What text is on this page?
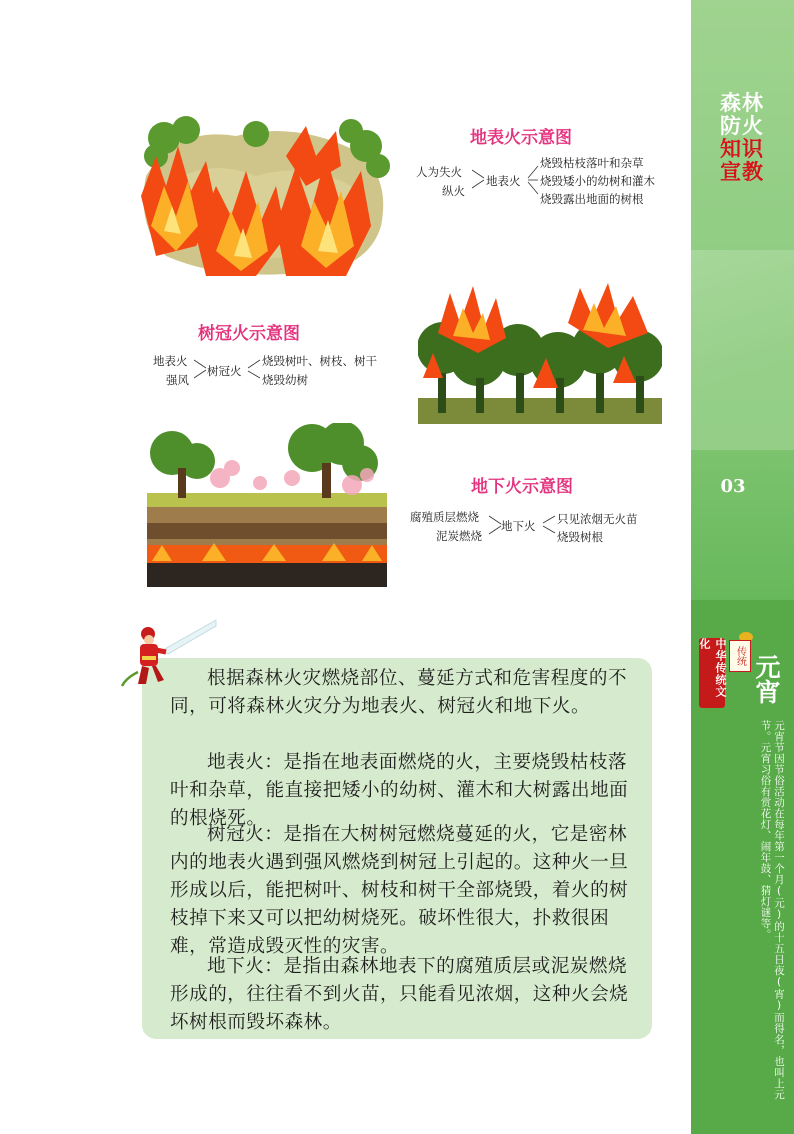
森林防火
知识宣教
03
中华传统文化
传统 元宵
元宵节因节俗活动在每年第一个月(元)的十五日夜(宵)而得名，也叫上元节。元宵习俗有赏花灯、闹年鼓、猜灯谜等。
地表火示意图
人为失火
纵火
地表火
烧毁枯枝落叶和杂草
烧毁矮小的幼树和灌木
烧毁露出地面的树根
树冠火示意图
地表火
强风
树冠火
烧毁树叶、树枝、树干
烧毁幼树
地下火示意图
腐殖质层燃烧
泥炭燃烧
地下火 只见浓烟无火苗
烧毁树根
根据森林火灾燃烧部位、蔓延方式和危害程度的不同，可将森林火灾分为地表火、树冠火和地下火。
地表火：是指在地表面燃烧的火，主要烧毁枯枝落叶和杂草，能直接把矮小的幼树、灌木和大树露出地面的根烧死。
树冠火：是指在大树树冠燃烧蔓延的火，它是密林内的地表火遇到强风燃烧到树冠上引起的。这种火一旦形成以后，能把树叶、树枝和树干全部烧毁，着火的树枝掉下来又可以把幼树烧死。破坏性很大，扑救很困难，常造成毁灭性的灾害。
地下火：是指由森林地表下的腐殖质层或泥炭燃烧形成的，往往看不到火苗，只能看见浓烟，这种火会烧坏树根而毁坏森林。
